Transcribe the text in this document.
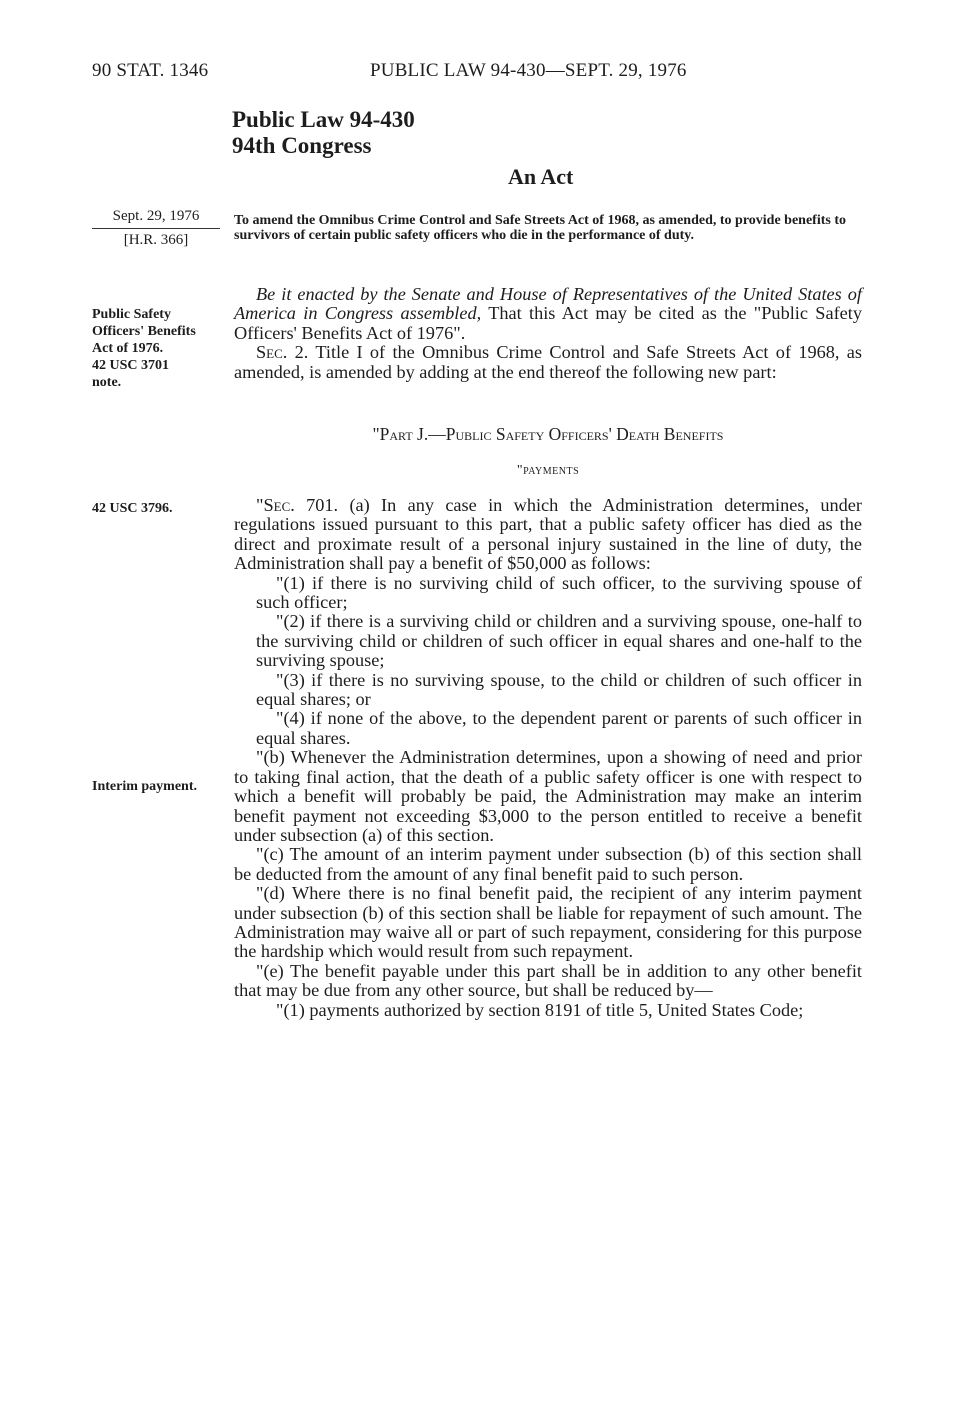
90 STAT. 1346	PUBLIC LAW 94-430—SEPT. 29, 1976
Public Law 94-430
94th Congress
An Act
Sept. 29, 1976
[H.R. 366]
To amend the Omnibus Crime Control and Safe Streets Act of 1968, as amended, to provide benefits to survivors of certain public safety officers who die in the performance of duty.
Public Safety
Officers' Benefits
Act of 1976.
42 USC 3701
note.

Be it enacted by the Senate and House of Representatives of the United States of America in Congress assembled, That this Act may be cited as the "Public Safety Officers' Benefits Act of 1976".

Sec. 2. Title I of the Omnibus Crime Control and Safe Streets Act of 1968, as amended, is amended by adding at the end thereof the following new part:

"Part J.—Public Safety Officers' Death Benefits
"payments
42 USC 3796.
Interim payment.

"Sec. 701. (a) In any case in which the Administration determines, under regulations issued pursuant to this part, that a public safety officer has died as the direct and proximate result of a personal injury sustained in the line of duty, the Administration shall pay a benefit of $50,000 as follows:

"(1) if there is no surviving child of such officer, to the surviving spouse of such officer;

"(2) if there is a surviving child or children and a surviving spouse, one-half to the surviving child or children of such officer in equal shares and one-half to the surviving spouse;

"(3) if there is no surviving spouse, to the child or children of such officer in equal shares; or

"(4) if none of the above, to the dependent parent or parents of such officer in equal shares.

"(b) Whenever the Administration determines, upon a showing of need and prior to taking final action, that the death of a public safety officer is one with respect to which a benefit will probably be paid, the Administration may make an interim benefit payment not exceeding $3,000 to the person entitled to receive a benefit under subsection (a) of this section.

"(c) The amount of an interim payment under subsection (b) of this section shall be deducted from the amount of any final benefit paid to such person.

"(d) Where there is no final benefit paid, the recipient of any interim payment under subsection (b) of this section shall be liable for repayment of such amount. The Administration may waive all or part of such repayment, considering for this purpose the hardship which would result from such repayment.

"(e) The benefit payable under this part shall be in addition to any other benefit that may be due from any other source, but shall be reduced by—

"(1) payments authorized by section 8191 of title 5, United States Code;
